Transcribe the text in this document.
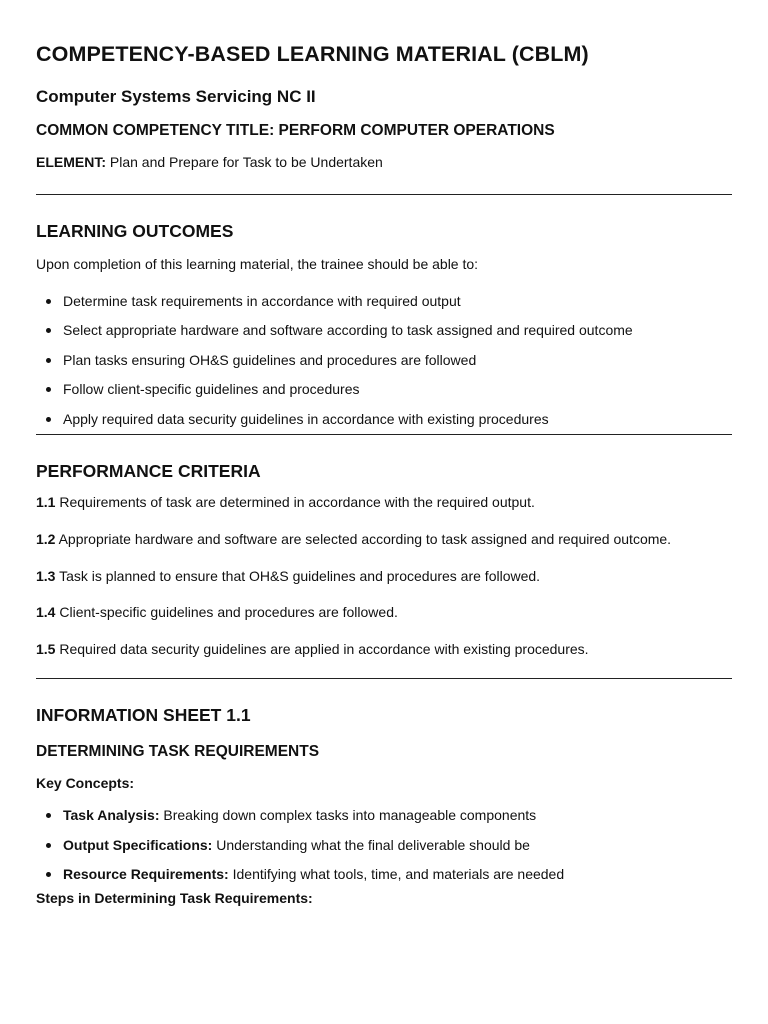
COMPETENCY-BASED LEARNING MATERIAL (CBLM)
Computer Systems Servicing NC II
COMMON COMPETENCY TITLE: PERFORM COMPUTER OPERATIONS

ELEMENT: Plan and Prepare for Task to be Undertaken

LEARNING OUTCOMES

Upon completion of this learning material, the trainee should be able to:

Determine task requirements in accordance with required output
Select appropriate hardware and software according to task assigned and required outcome
Plan tasks ensuring OH&S guidelines and procedures are followed
Follow client-specific guidelines and procedures
Apply required data security guidelines in accordance with existing procedures
PERFORMANCE CRITERIA

1.1 Requirements of task are determined in accordance with the required output.

1.2 Appropriate hardware and software are selected according to task assigned and required outcome.

1.3 Task is planned to ensure that OH&S guidelines and procedures are followed.

1.4 Client-specific guidelines and procedures are followed.

1.5 Required data security guidelines are applied in accordance with existing procedures.

INFORMATION SHEET 1.1
DETERMINING TASK REQUIREMENTS
Key Concepts:
Task Analysis: Breaking down complex tasks into manageable components
Output Specifications: Understanding what the final deliverable should be
Resource Requirements: Identifying what tools, time, and materials are needed
Steps in Determining Task Requirements:
